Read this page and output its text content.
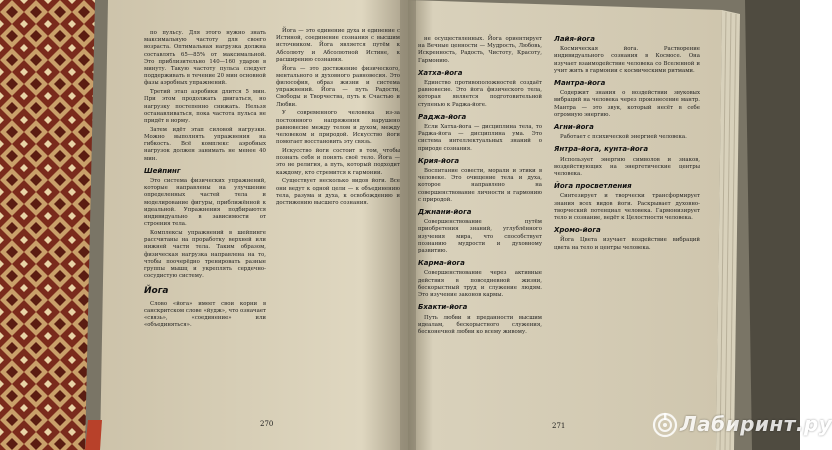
по пульсу. Для этого нужно знать максимальную частоту для своего возраста. Оптимальная нагрузка должна составлять 65—85% от максимальной. Это приблизительно 140—160 ударов в минуту. Такую частоту пульса следует поддерживать в течение 20 мин основной фазы аэробных упражнений.

Третий этап аэробики длится 5 мин. При этом продолжать двигаться, но нагрузку постепенно снижать. Нельзя останавливаться, пока частота пульса не придёт в норму.

Затем идёт этап силовой нагрузки. Можно выполнять упражнения на гибкость. Всё комплекс аэробных нагрузок должен занимать не менее 40 мин.

Шейпинг

Это система физических упражнений, которые направлены на улучшение определенных частей тела и моделирование фигуры, приближённой к идеальной. Упражнения подбираются индивидуально в зависимости от строения тела.

Комплексы упражнений в шейпинге рассчитаны на проработку верхней или нижней части тела. Таким образом, физическая нагрузка направлена на то, чтобы поочерёдно тренировать разные группы мышц и укреплять сердечно-сосудистую систему.

Йога

Слово «йога» имеет свои корни в санскритском слове «йудж», что означает «связь», «соединение» или «объединяться».

Йога — это единение духа и единение с Истиной, соединение сознания с высшим источником. Йога является путём к Абсолюту и Абсолютной Истине, к расширению сознания.

Йога — это достижение физического, ментального и духовного равновесия. Это философия, образ жизни и система упражнений. Йога — путь Радости, Свободы и Творчества, путь к Счастью и Любви.

У современного человека из-за постоянного напряжения нарушено равновесие между телом и духом, между человеком и природой. Искусство йоги помогает восстановить эту связь.

Искусство йоги состоит в том, чтобы познать себя и понять своё тело. Йога — это не религия, а путь, который подходит каждому, кто стремится к гармонии.

Существует несколько видов йоги. Все они ведут к одной цели — к объединению тела, разума и духа, к освобождению и достижению высшего сознания.

270

не осуществленных. Йога ориентирует на Вечные ценности — Мудрость, Любовь, Искренность, Радость, Чистоту, Красоту, Гармонию.

Хатха-йога

Единство противоположностей создаёт равновесие. Это йога физического тела, которая является подготовительной ступенью к Раджа-йоге.

Раджа-йога

Если Хатха-йога — дисциплина тела, то Раджа-йога — дисциплина ума. Это система интеллектуальных знаний о природе сознания.

Крия-йога

Воспитание совести, морали и этики в человеке. Это очищение тела и духа, которое направлено на совершенствование личности и гармонию с природой.

Джнани-йога

Совершенствование путём приобретения знаний, углублённого изучения мира, что способствует познанию мудрости и духовному развитию.

Карма-йога

Совершенствование через активные действия в повседневной жизни, бескорыстный труд и служение людям. Это изучение законов кармы.

Бхакти-йога

Путь любви и преданности высшим идеалам, бескорыстного служения, бесконечной любви ко всему живому.

Лайя-йога

Космическая йога. Растворение индивидуального сознания в Космосе. Она изучает взаимодействие человека со Вселенной и учит жить в гармонии с космическими ритмами.

Мантра-йога

Содержит знания о воздействии звуковых вибраций на человека через произнесение мантр. Мантра — это звук, который несёт в себе огромную энергию.

Агни-йога

Работает с психической энергией человека.

Янтра-йога, кунта-йога

Использует энергию символов и знаков, воздействующих на энергетические центры человека.

Йога просветления

Синтезирует и творчески трансформирует знания всех видов йоги. Раскрывает духовно-творческий потенциал человека. Гармонизирует тело и сознание, ведёт к Целостности человека.

Хромо-йога

Йога Цвета изучает воздействие вибраций цвета на тело и центры человека.

271	Лабиринт.ру
